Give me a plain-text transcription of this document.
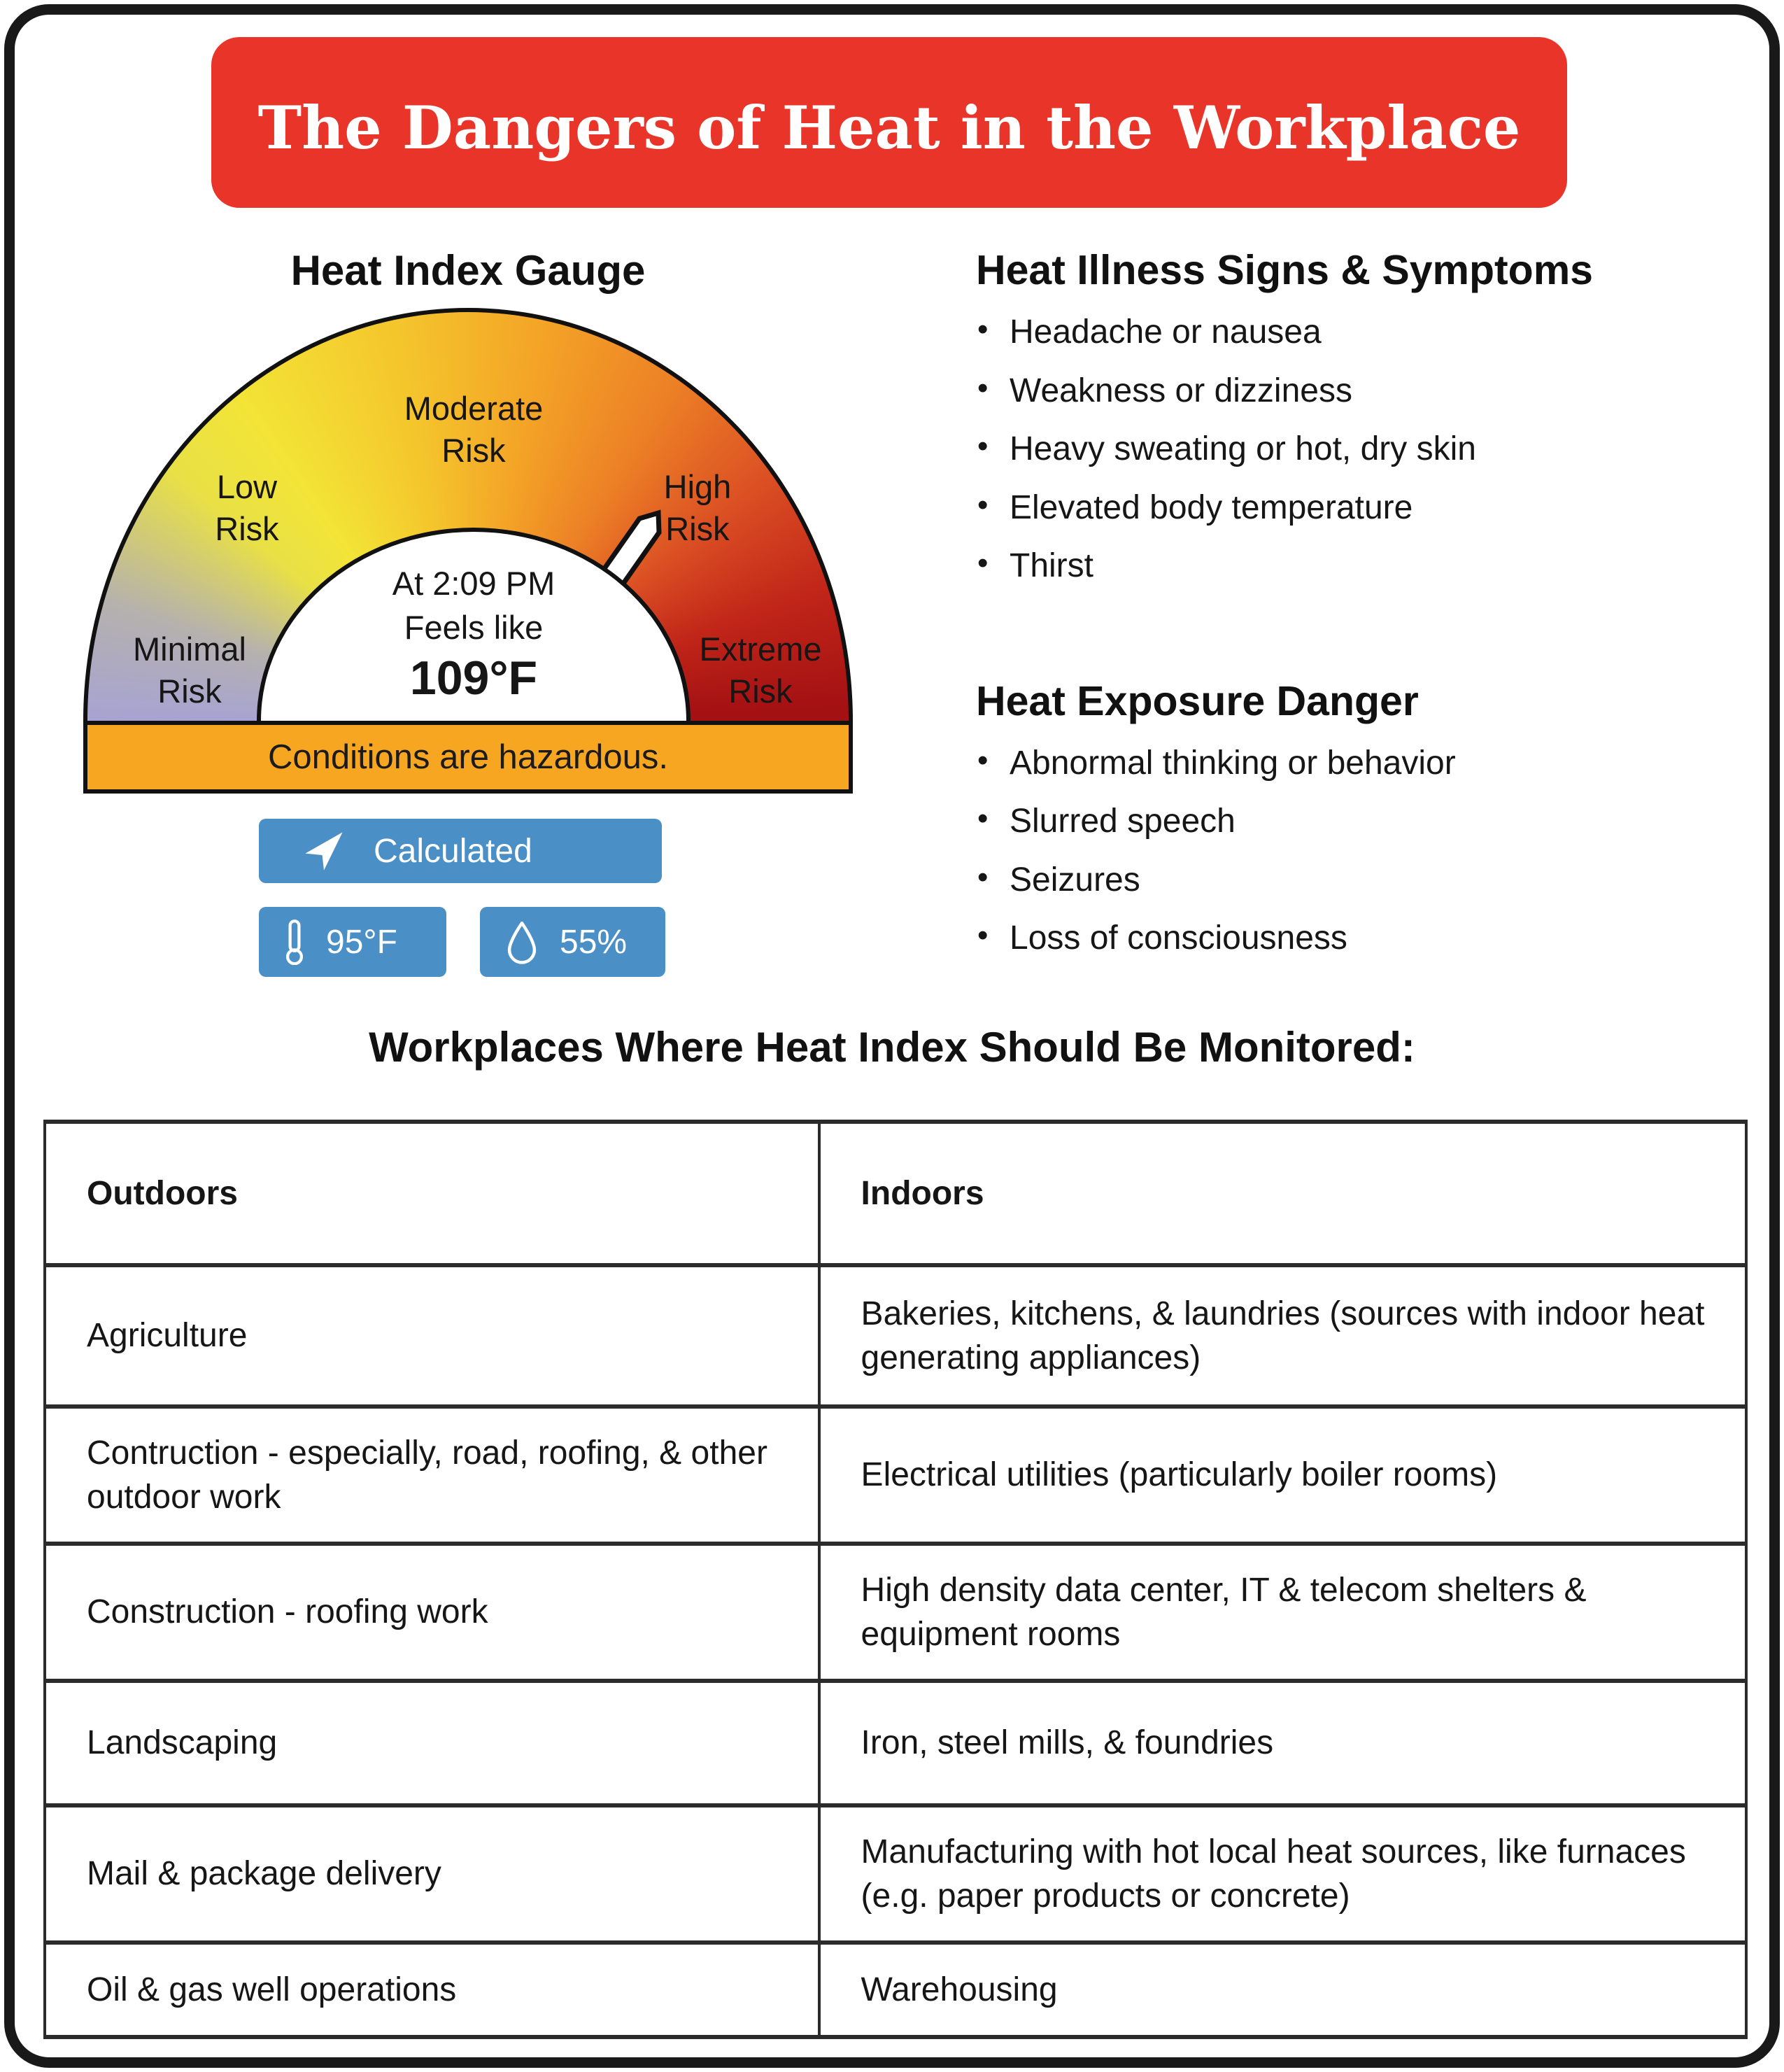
The Dangers of Heat in the Workplace
Heat Index Gauge
Moderate Risk
Low Risk
High Risk
Minimal Risk
Extreme Risk
At 2:09 PM
Feels like
109°F
Conditions are hazardous.
Calculated
95°F	55%
Heat Illness Signs & Symptoms
• Headache or nausea
• Weakness or dizziness
• Heavy sweating or hot, dry skin
• Elevated body temperature
• Thirst
Heat Exposure Danger
• Abnormal thinking or behavior
• Slurred speech
• Seizures
• Loss of consciousness
Workplaces Where Heat Index Should Be Monitored:
Outdoors	Indoors
Agriculture	Bakeries, kitchens, & laundries (sources with indoor heat generating appliances)
Contruction - especially, road, roofing, & other outdoor work	Electrical utilities (particularly boiler rooms)
Construction - roofing work	High density data center, IT & telecom shelters & equipment rooms
Landscaping	Iron, steel mills, & foundries
Mail & package delivery	Manufacturing with hot local heat sources, like furnaces (e.g. paper products or concrete)
Oil & gas well operations	Warehousing
